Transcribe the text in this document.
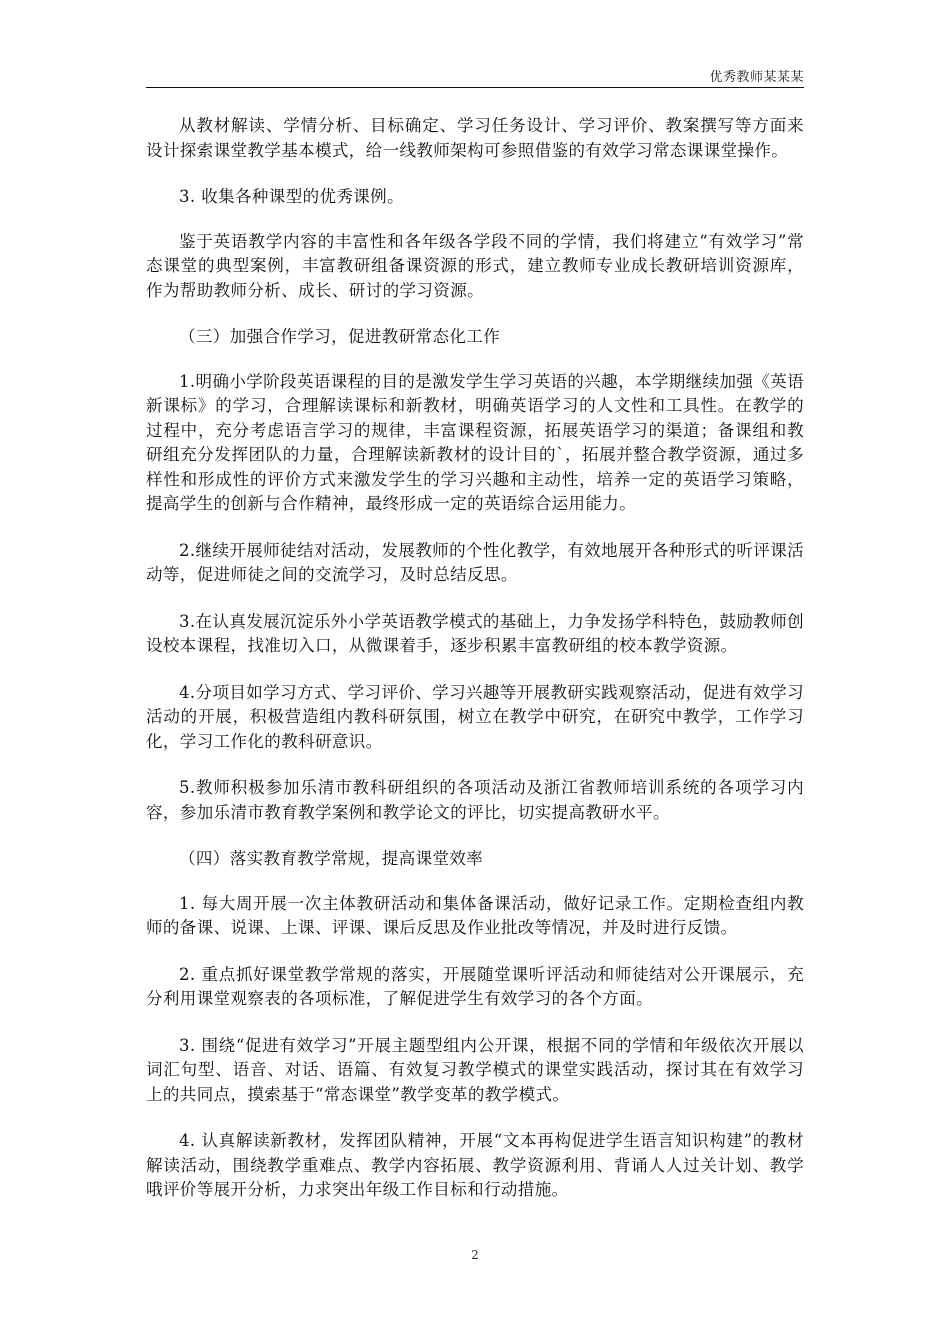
优秀教师某某某

从教材解读、学情分析、目标确定、学习任务设计、学习评价、教案撰写等方面来设计探索课堂教学基本模式，给一线教师架构可参照借鉴的有效学习常态课课堂操作。

3. 收集各种课型的优秀课例。

鉴于英语教学内容的丰富性和各年级各学段不同的学情，我们将建立“有效学习”常态课堂的典型案例，丰富教研组备课资源的形式，建立教师专业成长教研培训资源库，作为帮助教师分析、成长、研讨的学习资源。

（三）加强合作学习，促进教研常态化工作

1.明确小学阶段英语课程的目的是激发学生学习英语的兴趣，本学期继续加强《英语新课标》的学习，合理解读课标和新教材，明确英语学习的人文性和工具性。在教学的过程中，充分考虑语言学习的规律，丰富课程资源，拓展英语学习的渠道；备课组和教研组充分发挥团队的力量，合理解读新教材的设计目的`，拓展并整合教学资源，通过多样性和形成性的评价方式来激发学生的学习兴趣和主动性，培养一定的英语学习策略，提高学生的创新与合作精神，最终形成一定的英语综合运用能力。

2.继续开展师徒结对活动，发展教师的个性化教学，有效地展开各种形式的听评课活动等，促进师徒之间的交流学习，及时总结反思。

3.在认真发展沉淀乐外小学英语教学模式的基础上，力争发扬学科特色，鼓励教师创设校本课程，找准切入口，从微课着手，逐步积累丰富教研组的校本教学资源。

4.分项目如学习方式、学习评价、学习兴趣等开展教研实践观察活动，促进有效学习活动的开展，积极营造组内教科研氛围，树立在教学中研究，在研究中教学，工作学习化，学习工作化的教科研意识。

5.教师积极参加乐清市教科研组织的各项活动及浙江省教师培训系统的各项学习内容，参加乐清市教育教学案例和教学论文的评比，切实提高教研水平。

（四）落实教育教学常规，提高课堂效率

1. 每大周开展一次主体教研活动和集体备课活动，做好记录工作。定期检查组内教师的备课、说课、上课、评课、课后反思及作业批改等情况，并及时进行反馈。

2. 重点抓好课堂教学常规的落实，开展随堂课听评活动和师徒结对公开课展示，充分利用课堂观察表的各项标准，了解促进学生有效学习的各个方面。

3. 围绕“促进有效学习”开展主题型组内公开课，根据不同的学情和年级依次开展以词汇句型、语音、对话、语篇、有效复习教学模式的课堂实践活动，探讨其在有效学习上的共同点，摸索基于“常态课堂”教学变革的教学模式。

4. 认真解读新教材，发挥团队精神，开展“文本再构促进学生语言知识构建”的教材解读活动，围绕教学重难点、教学内容拓展、教学资源利用、背诵人人过关计划、教学哦评价等展开分析，力求突出年级工作目标和行动措施。

2
